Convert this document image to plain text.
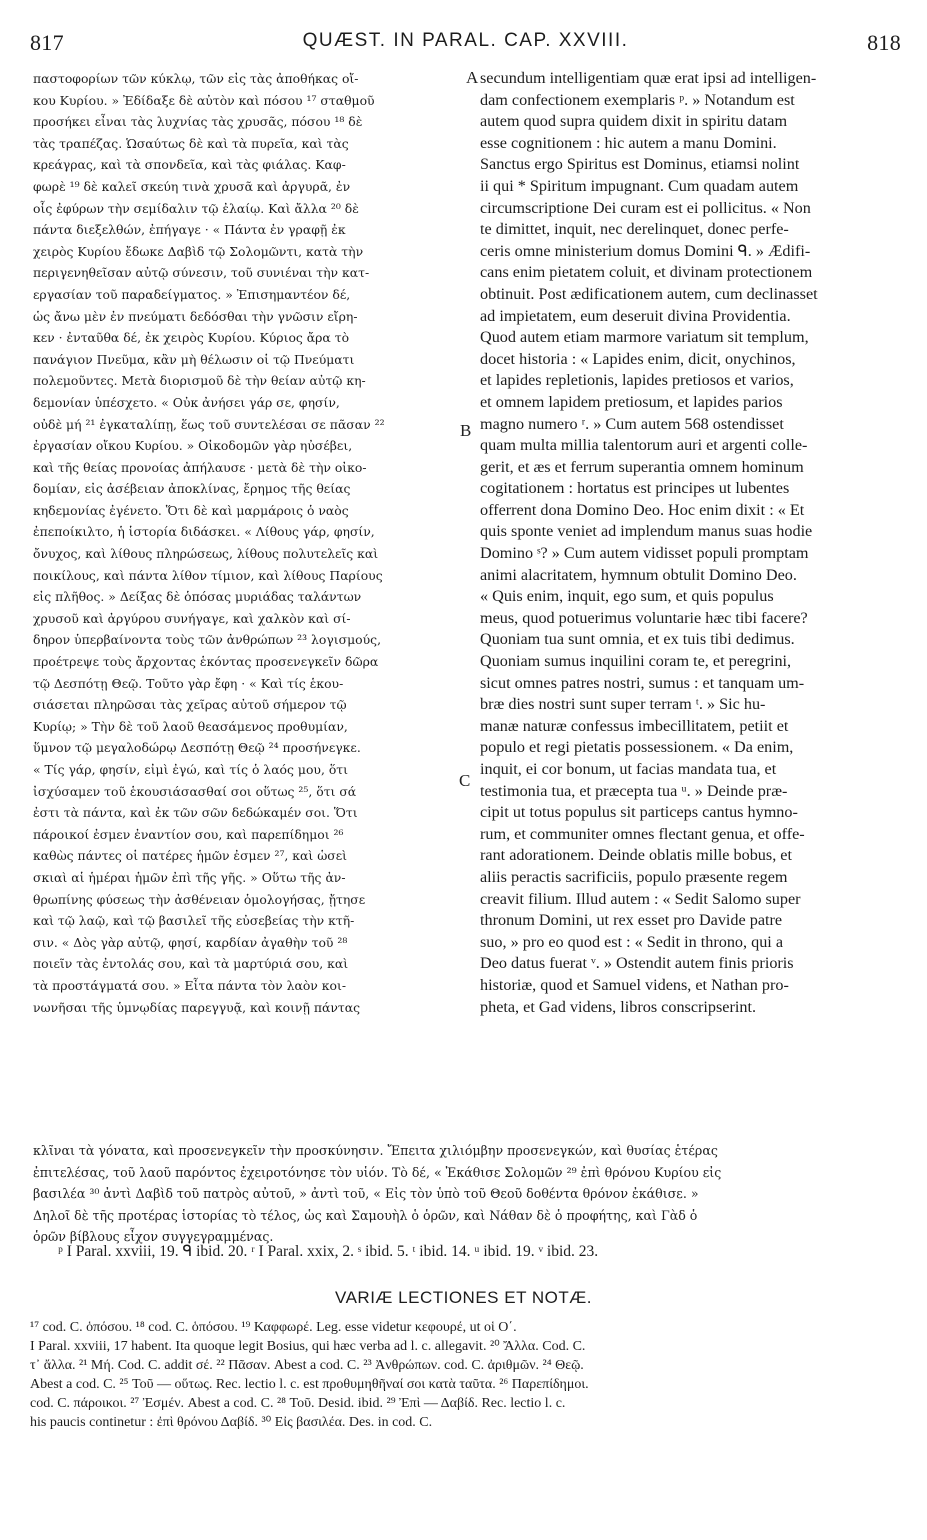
817	QUÆST. IN PARAL. CAP. XXVIII.	818
παστοφορίων τῶν κύκλῳ, τῶν εἰς τὰς ἀποθήκας οἴ-
κου Κυρίου. » Ἐδίδαξε δὲ αὐτὸν καὶ πόσου ¹⁷ σταθμοῦ
προσήκει εἶναι τὰς λυχνίας τὰς χρυσᾶς, πόσου ¹⁸ δὲ
τὰς τραπέζας. Ὡσαύτως δὲ καὶ τὰ πυρεῖα, καὶ τὰς
κρεάγρας, καὶ τὰ σπονδεῖα, καὶ τὰς φιάλας. Καφ-
φωρὲ ¹⁹ δὲ καλεῖ σκεύη τινὰ χρυσᾶ καὶ ἀργυρᾶ, ἐν
οἷς ἐφύρων τὴν σεμίδαλιν τῷ ἐλαίῳ. Καὶ ἄλλα ²⁰ δὲ
πάντα διεξελθών, ἐπήγαγε · « Πάντα ἐν γραφῇ ἐκ
χειρὸς Κυρίου ἔδωκε Δαβὶδ τῷ Σολομῶντι, κατὰ τὴν
περιγενηθεῖσαν αὐτῷ σύνεσιν, τοῦ συνιέναι τὴν κατ-
εργασίαν τοῦ παραδείγματος. » Ἐπισημαντέον δέ,
ὡς ἄνω μὲν ἐν πνεύματι δεδόσθαι τὴν γνῶσιν εἴρη-
κεν · ἐνταῦθα δέ, ἐκ χειρὸς Κυρίου. Κύριος ἄρα τὸ
πανάγιον Πνεῦμα, κἂν μὴ θέλωσιν οἱ τῷ Πνεύματι
πολεμοῦντες. Μετὰ διορισμοῦ δὲ τὴν θείαν αὐτῷ κη-
δεμονίαν ὑπέσχετο. « Οὐκ ἀνήσει γάρ σε, φησίν,
οὐδὲ μή ²¹ ἐγκαταλίπῃ, ἕως τοῦ συντελέσαι σε πᾶσαν ²²
ἐργασίαν οἴκου Κυρίου. » Οἰκοδομῶν γὰρ ηὐσέβει,
καὶ τῆς θείας προνοίας ἀπήλαυσε · μετὰ δὲ τὴν οἰκο-
δομίαν, εἰς ἀσέβειαν ἀποκλίνας, ἔρημος τῆς θείας
κηδεμονίας ἐγένετο. Ὅτι δὲ καὶ μαρμάροις ὁ ναὸς
ἐπεποίκιλτο, ἡ ἱστορία διδάσκει. « Λίθους γάρ, φησίν,
ὄνυχος, καὶ λίθους πληρώσεως, λίθους πολυτελεῖς καὶ
ποικίλους, καὶ πάντα λίθον τίμιον, καὶ λίθους Παρίους
εἰς πλῆθος. » Δείξας δὲ ὁπόσας μυριάδας ταλάντων
χρυσοῦ καὶ ἀργύρου συνήγαγε, καὶ χαλκὸν καὶ σί-
δηρον ὑπερβαίνοντα τοὺς τῶν ἀνθρώπων ²³ λογισμούς,
προέτρεψε τοὺς ἄρχοντας ἑκόντας προσενεγκεῖν δῶρα
τῷ Δεσπότῃ Θεῷ. Τοῦτο γὰρ ἔφη · « Καὶ τίς ἑκου-
σιάσεται πληρῶσαι τὰς χεῖρας αὐτοῦ σήμερον τῷ
Κυρίῳ; » Τὴν δὲ τοῦ λαοῦ θεασάμενος προθυμίαν,
ὕμνον τῷ μεγαλοδώρῳ Δεσπότῃ Θεῷ ²⁴ προσήνεγκε.
« Τίς γάρ, φησίν, εἰμὶ ἐγώ, καὶ τίς ὁ λαός μου, ὅτι
ἰσχύσαμεν τοῦ ἑκουσιάσασθαί σοι οὕτως ²⁵, ὅτι σά
ἐστι τὰ πάντα, καὶ ἐκ τῶν σῶν δεδώκαμέν σοι. Ὅτι
πάροικοί ἐσμεν ἐναντίον σου, καὶ παρεπίδημοι ²⁶
καθὼς πάντες οἱ πατέρες ἡμῶν ἐσμεν ²⁷, καὶ ὡσεὶ
σκιαὶ αἱ ἡμέραι ἡμῶν ἐπὶ τῆς γῆς. » Οὕτω τῆς ἀν-
θρωπίνης φύσεως τὴν ἀσθένειαν ὁμολογήσας, ᾔτησε
καὶ τῷ λαῷ, καὶ τῷ βασιλεῖ τῆς εὐσεβείας τὴν κτῆ-
σιν. « Δὸς γὰρ αὐτῷ, φησί, καρδίαν ἀγαθὴν τοῦ ²⁸
ποιεῖν τὰς ἐντολάς σου, καὶ τὰ μαρτύριά σου, καὶ
τὰ προστάγματά σου. » Εἶτα πάντα τὸν λαὸν κοι-
νωνῆσαι τῆς ὑμνῳδίας παρεγγυᾷ, καὶ κοινῇ πάντας
secundum intelligentiam quæ erat ipsi ad intelligen-
dam confectionem exemplaris ᵖ. » Notandum est
autem quod supra quidem dixit in spiritu datam
esse cognitionem : hic autem a manu Domini.
Sanctus ergo Spiritus est Dominus, etiamsi nolint
ii qui * Spiritum impugnant. Cum quadam autem
circumscriptione Dei curam est ei pollicitus. « Non
te dimittet, inquit, nec derelinquet, donec perfe-
ceris omne ministerium domus Domini ᑫ. » Ædifi-
cans enim pietatem coluit, et divinam protectionem
obtinuit. Post ædificationem autem, cum declinasset
ad impietatem, eum deseruit divina Providentia.
Quod autem etiam marmore variatum sit templum,
docet historia : « Lapides enim, dicit, onychinos,
et lapides repletionis, lapides pretiosos et varios,
et omnem lapidem pretiosum, et lapides parios
magno numero ʳ. » Cum autem 568 ostendisset
quam multa millia talentorum auri et argenti colle-
gerit, et æs et ferrum superantia omnem hominum
cogitationem : hortatus est principes ut lubentes
offerrent dona Domino Deo. Hoc enim dixit : « Et
quis sponte veniet ad implendum manus suas hodie
Domino ˢ? » Cum autem vidisset populi promptam
animi alacritatem, hymnum obtulit Domino Deo.
« Quis enim, inquit, ego sum, et quis populus
meus, quod potuerimus voluntarie hæc tibi facere?
Quoniam tua sunt omnia, et ex tuis tibi dedimus.
Quoniam sumus inquilini coram te, et peregrini,
sicut omnes patres nostri, sumus : et tanquam um-
bræ dies nostri sunt super terram ᵗ. » Sic hu-
manæ naturæ confessus imbecillitatem, petiit et
populo et regi pietatis possessionem. « Da enim,
inquit, ei cor bonum, ut facias mandata tua, et
testimonia tua, et præcepta tua ᵘ. » Deinde præ-
cipit ut totus populus sit particeps cantus hymno-
rum, et communiter omnes flectant genua, et offe-
rant adorationem. Deinde oblatis mille bobus, et
aliis peractis sacrificiis, populo præsente regem
creavit filium. Illud autem : « Sedit Salomo super
thronum Domini, ut rex esset pro Davide patre
suo, » pro eo quod est : « Sedit in throno, qui a
Deo datus fuerat ᵛ. » Ostendit autem finis prioris
historiæ, quod et Samuel videns, et Nathan pro-
pheta, et Gad videns, libros conscripserint.
A
B
C
κλῖναι τὰ γόνατα, καὶ προσενεγκεῖν τὴν προσκύνησιν. Ἔπειτα χιλιόμβην προσενεγκών, καὶ θυσίας ἑτέρας
ἐπιτελέσας, τοῦ λαοῦ παρόντος ἐχειροτόνησε τὸν υἱόν. Τὸ δέ, « Ἐκάθισε Σολομῶν ²⁹ ἐπὶ θρόνου Κυρίου εἰς
βασιλέα ³⁰ ἀντὶ Δαβὶδ τοῦ πατρὸς αὐτοῦ, » ἀντὶ τοῦ, « Εἰς τὸν ὑπὸ τοῦ Θεοῦ δοθέντα θρόνον ἐκάθισε. »
Δηλοῖ δὲ τῆς προτέρας ἱστορίας τὸ τέλος, ὡς καὶ Σαμουὴλ ὁ ὁρῶν, καὶ Νάθαν δὲ ὁ προφήτης, καὶ Γὰδ ὁ
ὁρῶν βίβλους εἶχον συγγεγραμμένας.
ᵖ I Paral. xxviii, 19. ᑫ ibid. 20. ʳ I Paral. xxix, 2. ˢ ibid. 5. ᵗ ibid. 14. ᵘ ibid. 19. ᵛ ibid. 23.
VARIÆ LECTIONES ET NOTÆ.
¹⁷ cod. C. ὁπόσου. ¹⁸ cod. C. ὁπόσου. ¹⁹ Καφφωρέ. Leg. esse videtur κεφουρέ, ut οἱ Ο΄.
I Paral. xxviii, 17 habent. Ita quoque legit Bosius, qui hæc verba ad l. c. allegavit. ²⁰ Ἄλλα. Cod. C.
τ᾿ ἄλλα. ²¹ Μή. Cod. C. addit σέ. ²² Πᾶσαν. Abest a cod. C. ²³ Ἀνθρώπων. cod. C. ἀριθμῶν. ²⁴ Θεῷ.
Abest a cod. C. ²⁵ Τοῦ — οὕτως. Rec. lectio l. c. est προθυμηθῆναί σοι κατὰ ταῦτα. ²⁶ Παρεπίδημοι.
cod. C. πάροικοι. ²⁷ Ἐσμέν. Abest a cod. C. ²⁸ Τοῦ. Desid. ibid. ²⁹ Ἐπὶ — Δαβίδ. Rec. lectio l. c.
his paucis continetur : ἐπὶ θρόνου Δαβίδ. ³⁰ Εἰς βασιλέα. Des. in cod. C.
